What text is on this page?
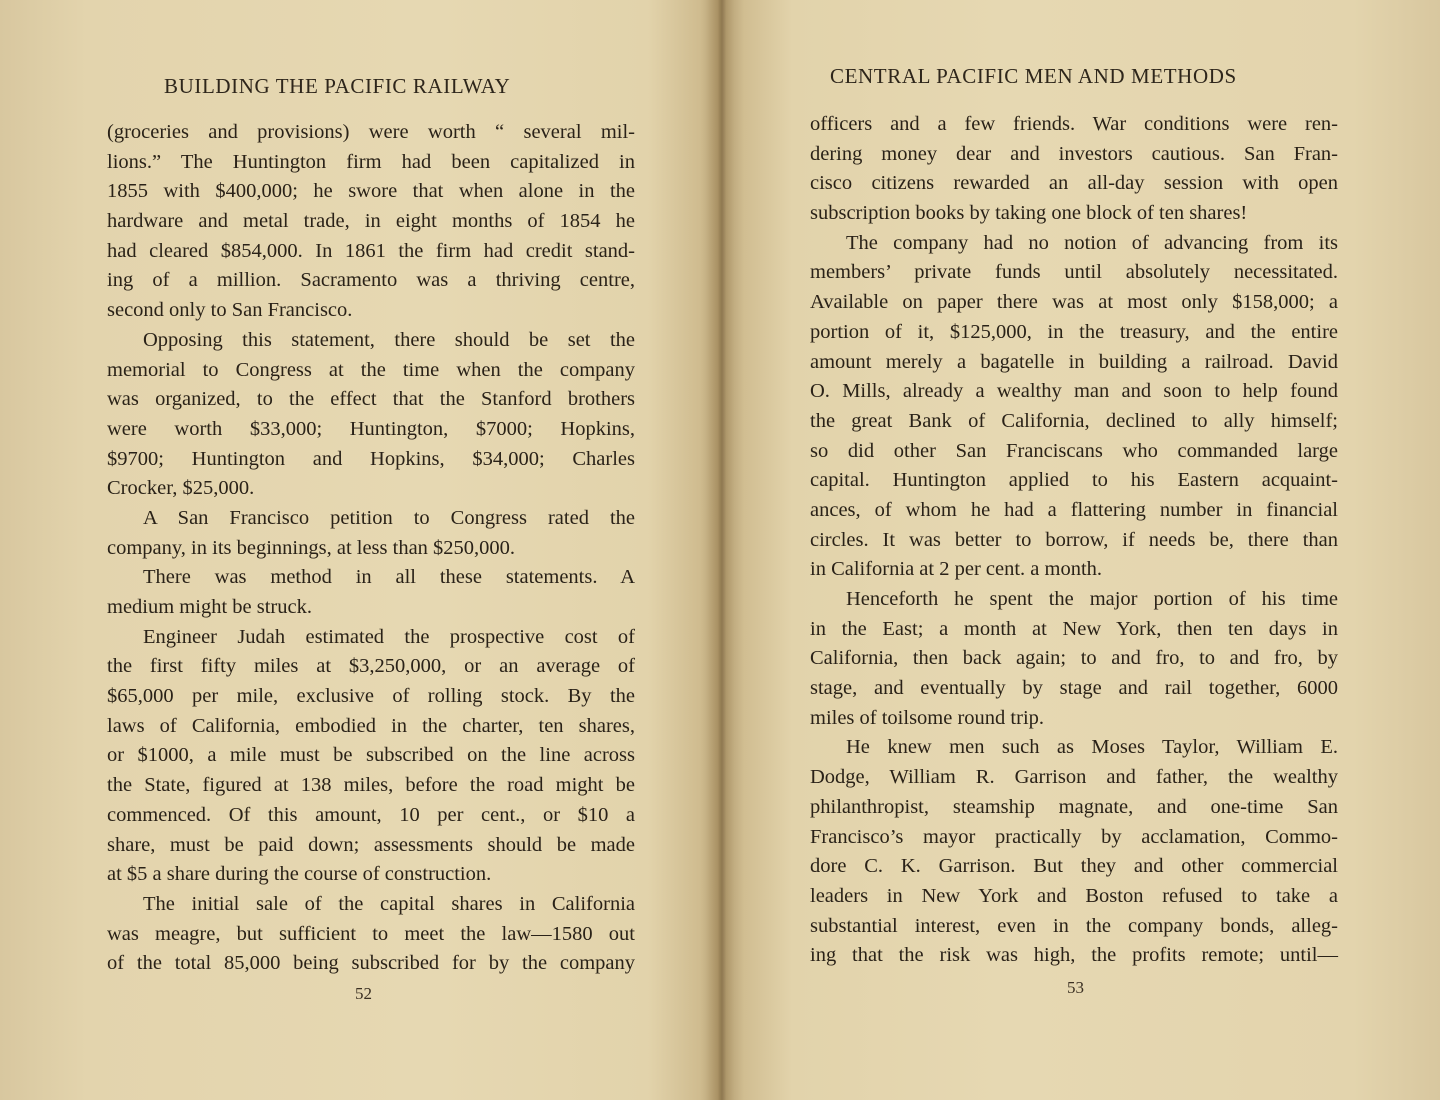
BUILDING THE PACIFIC RAILWAY
(groceries and provisions) were worth “ several mil-
lions.” The Huntington firm had been capitalized in
1855 with $400,000; he swore that when alone in the
hardware and metal trade, in eight months of 1854 he
had cleared $854,000. In 1861 the firm had credit stand-
ing of a million. Sacramento was a thriving centre,
second only to San Francisco.
Opposing this statement, there should be set the
memorial to Congress at the time when the company
was organized, to the effect that the Stanford brothers
were worth $33,000; Huntington, $7000; Hopkins,
$9700; Huntington and Hopkins, $34,000; Charles
Crocker, $25,000.
A San Francisco petition to Congress rated the
company, in its beginnings, at less than $250,000.
There was method in all these statements. A
medium might be struck.
Engineer Judah estimated the prospective cost of
the first fifty miles at $3,250,000, or an average of
$65,000 per mile, exclusive of rolling stock. By the
laws of California, embodied in the charter, ten shares,
or $1000, a mile must be subscribed on the line across
the State, figured at 138 miles, before the road might be
commenced. Of this amount, 10 per cent., or $10 a
share, must be paid down; assessments should be made
at $5 a share during the course of construction.
The initial sale of the capital shares in California
was meagre, but sufficient to meet the law—1580 out
of the total 85,000 being subscribed for by the company
52
CENTRAL PACIFIC MEN AND METHODS
officers and a few friends. War conditions were ren-
dering money dear and investors cautious. San Fran-
cisco citizens rewarded an all-day session with open
subscription books by taking one block of ten shares!
The company had no notion of advancing from its
members’ private funds until absolutely necessitated.
Available on paper there was at most only $158,000; a
portion of it, $125,000, in the treasury, and the entire
amount merely a bagatelle in building a railroad. David
O. Mills, already a wealthy man and soon to help found
the great Bank of California, declined to ally himself;
so did other San Franciscans who commanded large
capital. Huntington applied to his Eastern acquaint-
ances, of whom he had a flattering number in financial
circles. It was better to borrow, if needs be, there than
in California at 2 per cent. a month.
Henceforth he spent the major portion of his time
in the East; a month at New York, then ten days in
California, then back again; to and fro, to and fro, by
stage, and eventually by stage and rail together, 6000
miles of toilsome round trip.
He knew men such as Moses Taylor, William E.
Dodge, William R. Garrison and father, the wealthy
philanthropist, steamship magnate, and one-time San
Francisco’s mayor practically by acclamation, Commo-
dore C. K. Garrison. But they and other commercial
leaders in New York and Boston refused to take a
substantial interest, even in the company bonds, alleg-
ing that the risk was high, the profits remote; until—
53
